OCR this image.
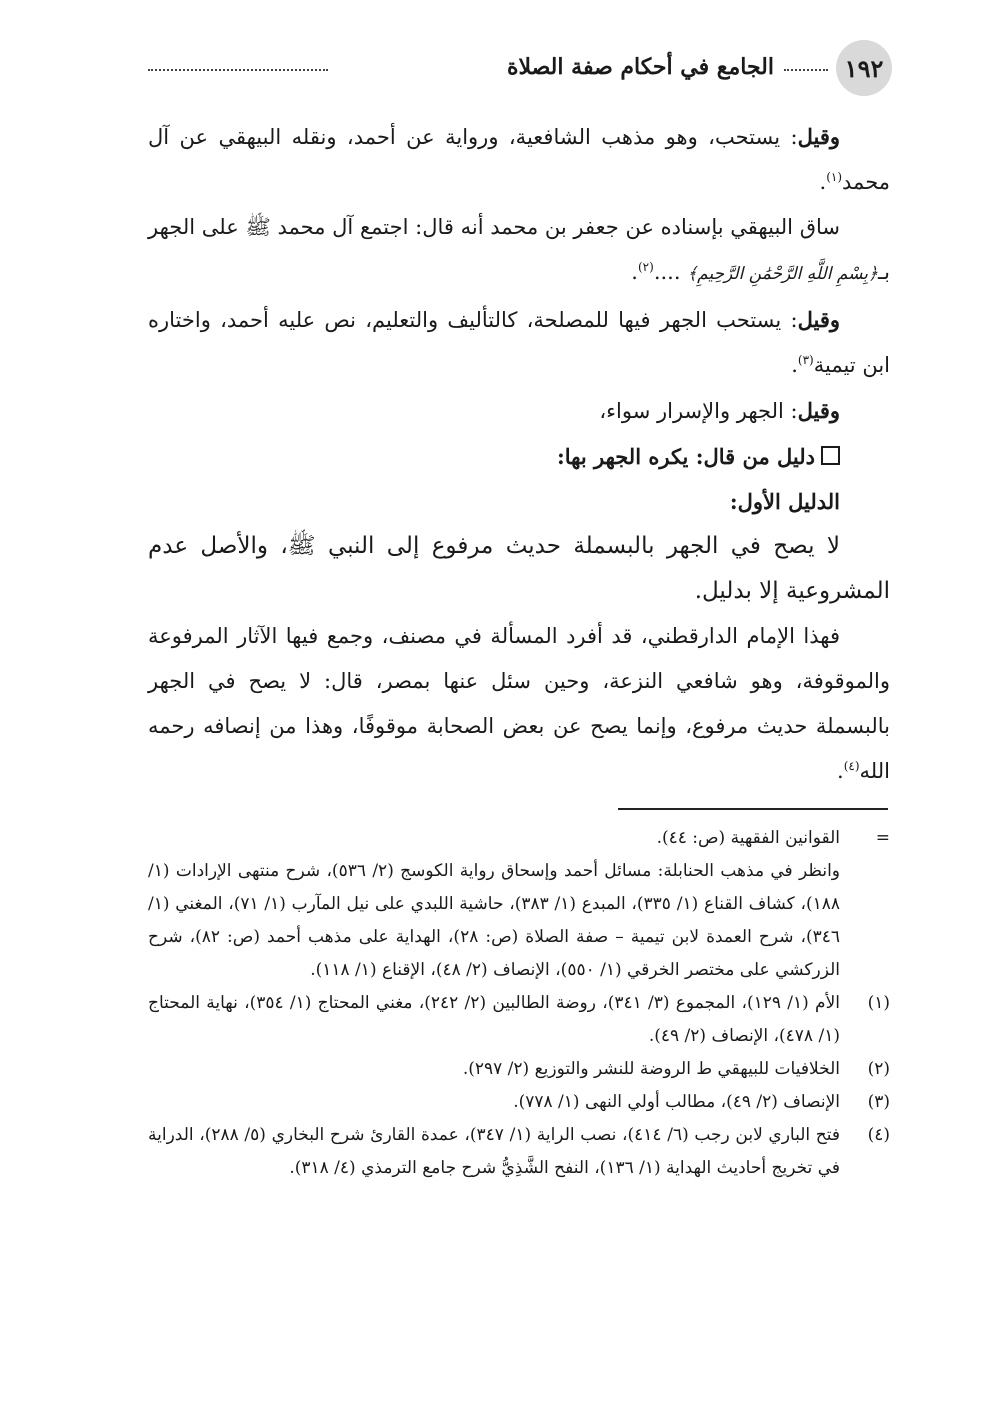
١٩٢
الجامع في أحكام صفة الصلاة

وقيل: يستحب، وهو مذهب الشافعية، ورواية عن أحمد، ونقله البيهقي عن آل محمد$^{(١)}$.

ساق البيهقي بإسناده عن جعفر بن محمد أنه قال: اجتمع آل محمد ﷺ على الجهر بـ﴿بِسْمِ اللَّهِ الرَّحْمَٰنِ الرَّحِيمِ﴾ ....$^{(٢)}$.

وقيل: يستحب الجهر فيها للمصلحة، كالتأليف والتعليم، نص عليه أحمد، واختاره ابن تيمية$^{(٣)}$.

وقيل: الجهر والإسرار سواء،

دليل من قال: يكره الجهر بها:

الدليل الأول:

لا يصح في الجهر بالبسملة حديث مرفوع إلى النبي ﷺ، والأصل عدم المشروعية إلا بدليل.

فهذا الإمام الدارقطني، قد أفرد المسألة في مصنف، وجمع فيها الآثار المرفوعة والموقوفة، وهو شافعي النزعة، وحين سئل عنها بمصر، قال: لا يصح في الجهر بالبسملة حديث مرفوع، وإنما يصح عن بعض الصحابة موقوفًا، وهذا من إنصافه رحمه الله$^{(٤)}$.

=
القوانين الفقهية (ص: ٤٤).
وانظر في مذهب الحنابلة: مسائل أحمد وإسحاق رواية الكوسج (٢/ ٥٣٦)، شرح منتهى الإرادات (١/ ١٨٨)، كشاف القناع (١/ ٣٣٥)، المبدع (١/ ٣٨٣)، حاشية اللبدي على نيل المآرب (١/ ٧١)، المغني (١/ ٣٤٦)، شرح العمدة لابن تيمية – صفة الصلاة (ص: ٢٨)، الهداية على مذهب أحمد (ص: ٨٢)، شرح الزركشي على مختصر الخرقي (١/ ٥٥٠)، الإنصاف (٢/ ٤٨)، الإقناع (١/ ١١٨).
(١)
الأم (١/ ١٢٩)، المجموع (٣/ ٣٤١)، روضة الطالبين (٢/ ٢٤٢)، مغني المحتاج (١/ ٣٥٤)، نهاية المحتاج (١/ ٤٧٨)، الإنصاف (٢/ ٤٩).
(٢)
الخلافيات للبيهقي ط الروضة للنشر والتوزيع (٢/ ٢٩٧).
(٣)
الإنصاف (٢/ ٤٩)، مطالب أولي النهى (١/ ٧٧٨).
(٤)
فتح الباري لابن رجب (٦/ ٤١٤)، نصب الراية (١/ ٣٤٧)، عمدة القارئ شرح البخاري (٥/ ٢٨٨)، الدراية في تخريج أحاديث الهداية (١/ ١٣٦)، النفح الشَّذِيُّ شرح جامع الترمذي (٤/ ٣١٨).
